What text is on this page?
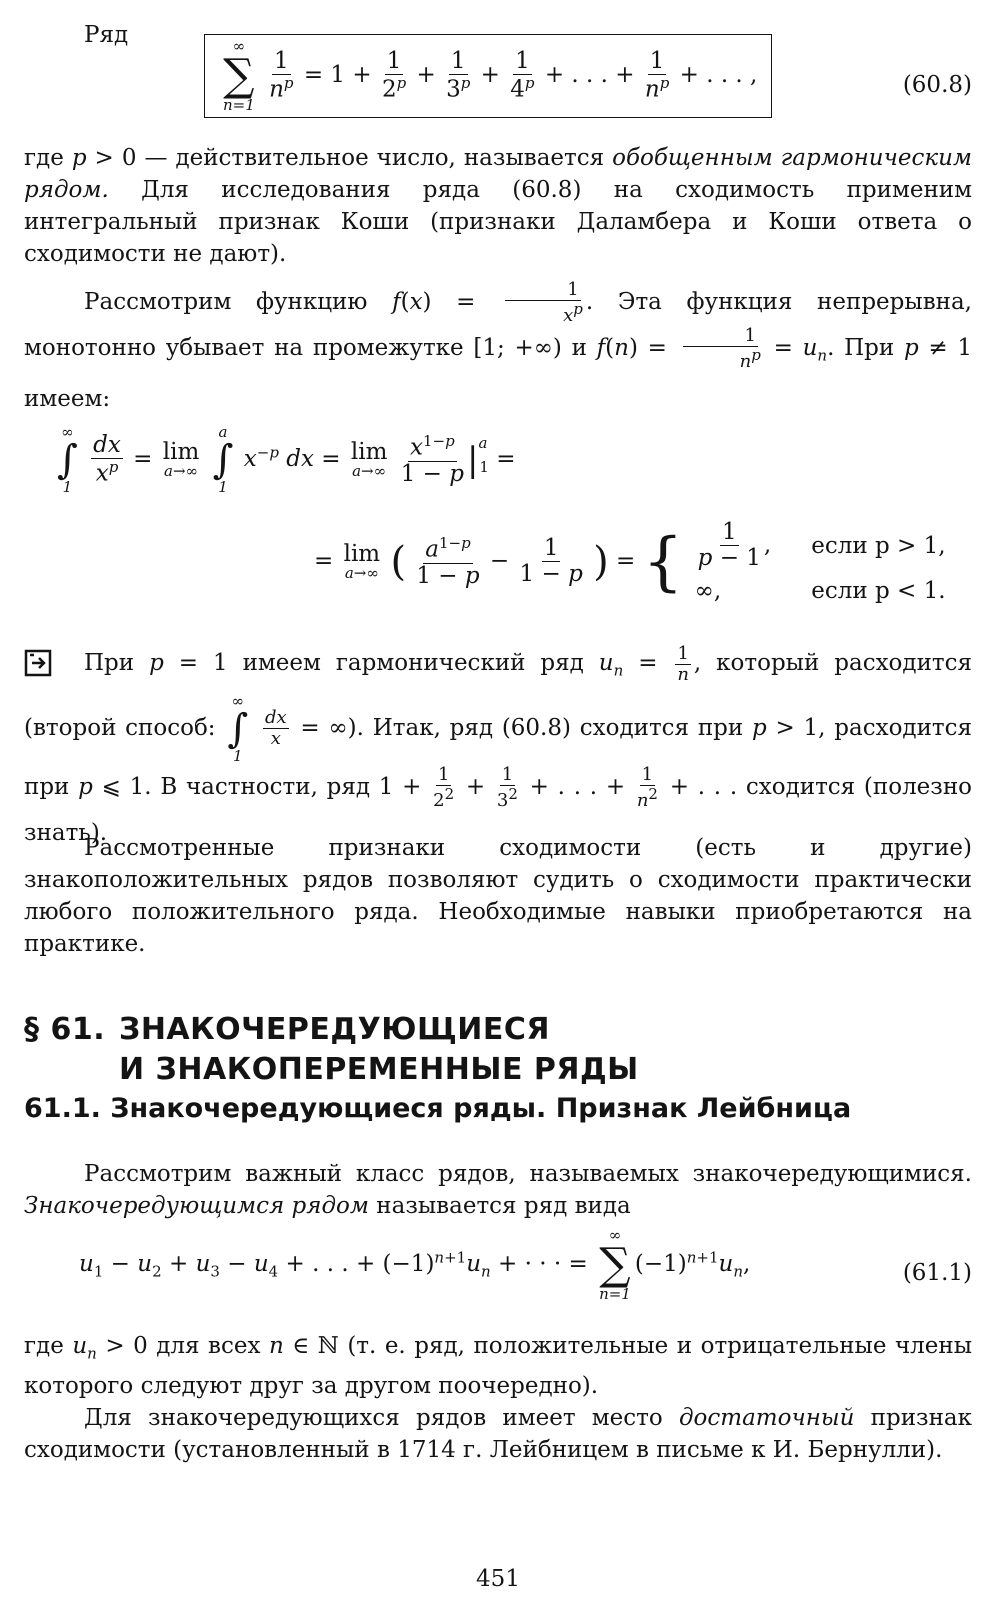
Ряд	∞
∑
n=1

$\frac{1}{n^p} = 1 + \frac{1}{2^p} + \frac{1}{3^p} + \frac{1}{4^p}$ + . . . + $\frac{1}{n^p}$ + . . . ,	(60.8)
где p > 0 — действительное число, называется обобщенным гармоническим рядом. Для исследования ряда (60.8) на сходимость применим интегральный признак Коши (признаки Даламбера и Коши ответа о сходимости не дают).
Рассмотрим функцию $f(x) = \frac{1}{x^p}$ . Эта функция непрерывна, монотонно убывает на промежутке [1; +∞) и $f(n) = \frac{1}{n^p} = u_n$. При p ≠ 1 имеем:
∞
∫
1
$\frac{dx}{x^p} = \lim$
a→∞

a
∫
1
$x^{-p}$ dx = lim
a→∞
$\frac{x^{1-p}}{1 - p} |^a_1$ =
= lim
a→∞ ( $\frac{a^{1-p}}{1 - p} - \frac{1}{1 - p}$ ) = { $\frac{1}{p - 1}$ , если p > 1,
∞,	если p < 1.
При p = 1 имеем гармонический ряд $u_n = \frac{1}{n}$ , который расходится (второй способ:
∞
∫
1

$\frac{dx}{x}$ = ∞). Итак, ряд (60.8) сходится при p > 1, расходится при p ⩽ 1. В частности, ряд $1 + \frac{1}{2^2} + \frac{1}{3^2}$ + . . . + $\frac{1}{n^2}$ + . . . сходится (полезно знать).
Рассмотренные признаки сходимости (есть и другие) знакоположительных рядов позволяют судить о сходимости практически любого положительного ряда. Необходимые навыки приобретаются на практике.
§ 61. ЗНАКОЧЕРЕДУЮЩИЕСЯ
И ЗНАКОПЕРЕМЕННЫЕ РЯДЫ
61.1. Знакочередующиеся ряды. Признак Лейбница
Рассмотрим важный класс рядов, называемых знакочередующимися. Знакочередующимся рядом называется ряд вида
$u_1 - u_2 + u_3 - u_4$ + . . . + $(-1)^{n+1}u_n$ + · · · =
∞
∑
n=1
$(-1)^{n+1}u_n$,	(61.1)
где $u_n > 0$ для всех n ∈ ℕ (т. е. ряд, положительные и отрицательные члены которого следуют друг за другом поочередно).
Для знакочередующихся рядов имеет место достаточный признак сходимости (установленный в 1714 г. Лейбницем в письме к И. Бернулли).
451
